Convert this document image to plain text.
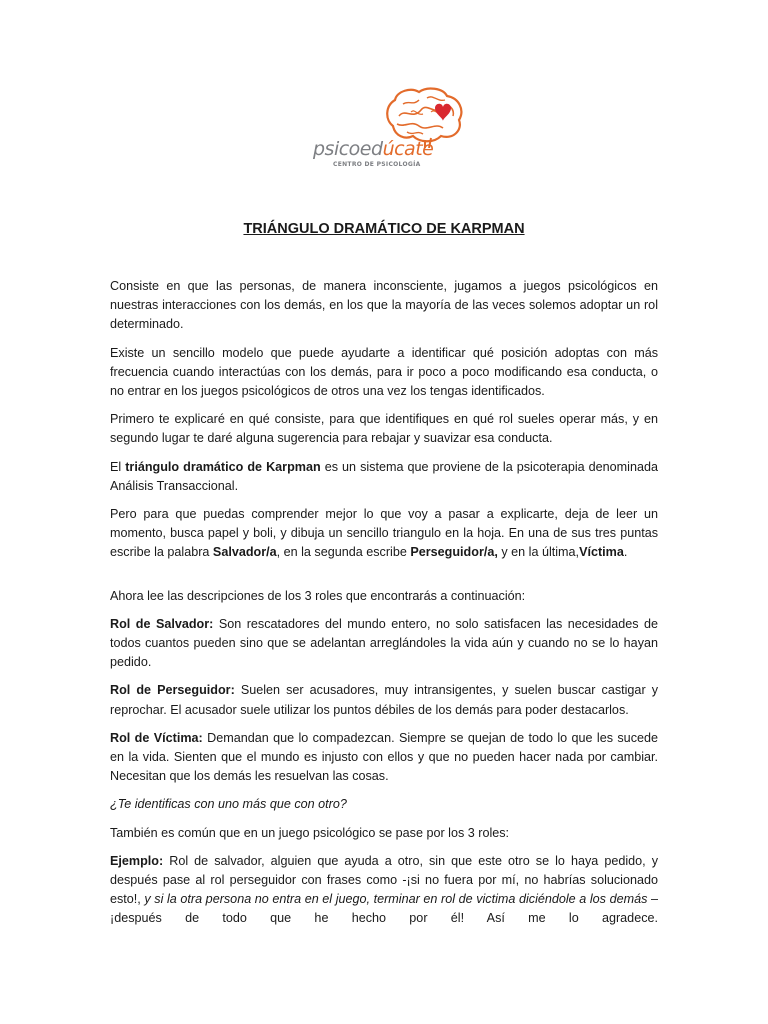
psicoedúcate
CENTRO DE PSICOLOGÍA
TRIÁNGULO DRAMÁTICO DE KARPMAN

Consiste en que las personas, de manera inconsciente, jugamos a juegos psicológicos en nuestras interacciones con los demás, en los que la mayoría de las veces solemos adoptar un rol determinado.

Existe un sencillo modelo que puede ayudarte a identificar qué posición adoptas con más frecuencia cuando interactúas con los demás, para ir poco a poco modificando esa conducta, o no entrar en los juegos psicológicos de otros una vez los tengas identificados.

Primero te explicaré en qué consiste, para que identifiques en qué rol sueles operar más, y en segundo lugar te daré alguna sugerencia para rebajar y suavizar esa conducta.

El triángulo dramático de Karpman es un sistema que proviene de la psicoterapia denominada Análisis Transaccional.

Pero para que puedas comprender mejor lo que voy a pasar a explicarte, deja de leer un momento, busca papel y boli, y dibuja un sencillo triangulo en la hoja. En una de sus tres puntas escribe la palabra Salvador/a, en la segunda escribe Perseguidor/a, y en la última,Víctima.

Ahora lee las descripciones de los 3 roles que encontrarás a continuación:

Rol de Salvador: Son rescatadores del mundo entero, no solo satisfacen las necesidades de todos cuantos pueden sino que se adelantan arreglándoles la vida aún y cuando no se lo hayan pedido.

Rol de Perseguidor: Suelen ser acusadores, muy intransigentes, y suelen buscar castigar y reprochar. El acusador suele utilizar los puntos débiles de los demás para poder destacarlos.

Rol de Víctima: Demandan que lo compadezcan. Siempre se quejan de todo lo que les sucede en la vida. Sienten que el mundo es injusto con ellos y que no pueden hacer nada por cambiar. Necesitan que los demás les resuelvan las cosas.

¿Te identificas con uno más que con otro?

También es común que en un juego psicológico se pase por los 3 roles:

Ejemplo: Rol de salvador, alguien que ayuda a otro, sin que este otro se lo haya pedido, y después pase al rol perseguidor con frases como -¡si no fuera por mí, no habrías solucionado esto!, y si la otra persona no entra en el juego, terminar en rol de victima diciéndole a los demás –¡después de todo que he hecho por él! Así me lo agradece.
